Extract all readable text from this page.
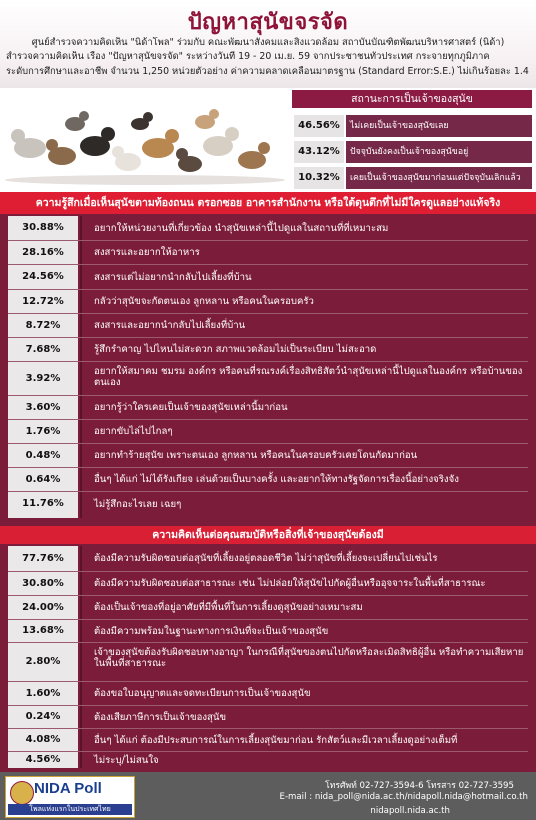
ปัญหาสุนัขจรจัด
ศูนย์สำรวจความคิดเห็น "นิด้าโพล" ร่วมกับ คณะพัฒนาสังคมและสิ่งแวดล้อม สถาบันบัณฑิตพัฒนบริหารศาสตร์ (นิด้า)
สำรวจความคิดเห็น เรื่อง "ปัญหาสุนัขจรจัด" ระหว่างวันที่ 19 - 20 เม.ย. 59 จากประชาชนทั่วประเทศ กระจายทุกภูมิภาค
ระดับการศึกษาและอาชีพ จำนวน 1,250 หน่วยตัวอย่าง ค่าความคลาดเคลื่อนมาตรฐาน (Standard Error:S.E.) ไม่เกินร้อยละ 1.4
สถานะการเป็นเจ้าของสุนัข
46.56%	ไม่เคยเป็นเจ้าของสุนัขเลย
43.12%	ปัจจุบันยังคงเป็นเจ้าของสุนัขอยู่
10.32%	เคยเป็นเจ้าของสุนัขมาก่อนแต่ปัจจุบันเลิกแล้ว
ความรู้สึกเมื่อเห็นสุนัขตามท้องถนน ตรอกซอย อาคารสำนักงาน หรือใต้ดุนตึกที่ไม่มีใครดูแลอย่างแท้จริง
30.88%	อยากให้หน่วยงานที่เกี่ยวข้อง นำสุนัขเหล่านี้ไปดูแลในสถานที่ที่เหมาะสม
28.16%	สงสารและอยากให้อาหาร
24.56%	สงสารแต่ไม่อยากนำกลับไปเลี้ยงที่บ้าน
12.72%	กลัวว่าสุนัขจะกัดตนเอง ลูกหลาน หรือคนในครอบครัว
8.72%	สงสารและอยากนำกลับไปเลี้ยงที่บ้าน
7.68%	รู้สึกรำคาญ ไปไหนไม่สะดวก สภาพแวดล้อมไม่เป็นระเบียบ ไม่สะอาด
3.92%
อยากให้สมาคม ชมรม องค์กร หรือคนที่รณรงค์เรื่องสิทธิสัตว์นำสุนัขเหล่านี้ไปดูแลในองค์กร หรือบ้านของตนเอง
3.60%	อยากรู้ว่าใครเคยเป็นเจ้าของสุนัขเหล่านี้มาก่อน
1.76%	อยากขับไล่ไปไกลๆ
0.48%	อยากทำร้ายสุนัข เพราะตนเอง ลูกหลาน หรือคนในครอบครัวเคยโดนกัดมาก่อน
0.64%	อื่นๆ ได้แก่ ไม่ได้รังเกียจ เล่นด้วยเป็นบางครั้ง และอยากให้ทางรัฐจัดการเรื่องนี้อย่างจริงจัง
11.76%	ไม่รู้สึกอะไรเลย เฉยๆ
ความคิดเห็นต่อคุณสมบัติหรือสิ่งที่เจ้าของสุนัขต้องมี
77.76%	ต้องมีความรับผิดชอบต่อสุนัขที่เลี้ยงอยู่ตลอดชีวิต ไม่ว่าสุนัขที่เลี้ยงจะเปลี่ยนไปเช่นไร
30.80%	ต้องมีความรับผิดชอบต่อสาธารณะ เช่น ไม่ปล่อยให้สุนัขไปกัดผู้อื่นหรืออุจจาระในพื้นที่สาธารณะ
24.00%	ต้องเป็นเจ้าของที่อยู่อาศัยที่มีพื้นที่ในการเลี้ยงดูสุนัขอย่างเหมาะสม
13.68%	ต้องมีความพร้อมในฐานะทางการเงินที่จะเป็นเจ้าของสุนัข
2.80%
เจ้าของสุนัขต้องรับผิดชอบทางอาญา ในกรณีที่สุนัขของตนไปกัดหรือละเมิดสิทธิผู้อื่น หรือทำความเสียหายในพื้นที่สาธารณะ
1.60%	ต้องขอใบอนุญาตและจดทะเบียนการเป็นเจ้าของสุนัข
0.24%	ต้องเสียภาษีการเป็นเจ้าของสุนัข
4.08%	อื่นๆ ได้แก่ ต้องมีประสบการณ์ในการเลี้ยงสุนัขมาก่อน รักสัตว์และมีเวลาเลี้ยงดูอย่างเต็มที่
4.56%	ไม่ระบุ/ไม่สนใจ
NIDA Poll
โพลแห่งแรกในประเทศไทย
โทรศัพท์ 02-727-3594-6 โทรสาร 02-727-3595
E-mail : nida_poll@nida.ac.th/nidapoll.nida@hotmail.co.th
nidapoll.nida.ac.th
